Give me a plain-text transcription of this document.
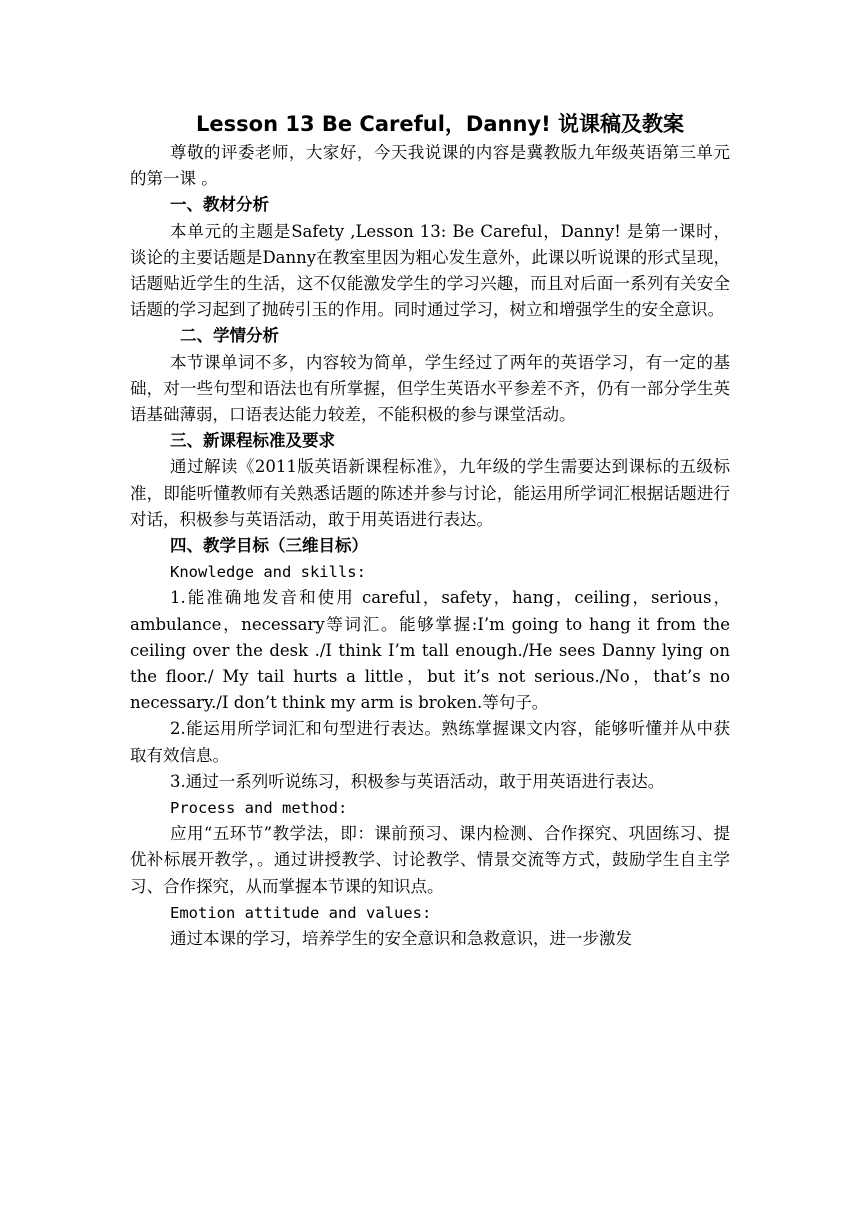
Lesson 13 Be Careful，Danny! 说课稿及教案

尊敬的评委老师，大家好，今天我说课的内容是冀教版九年级英语第三单元的第一课 。

一、教材分析

本单元的主题是Safety ,Lesson 13: Be Careful，Danny! 是第一课时，谈论的主要话题是Danny在教室里因为粗心发生意外，此课以听说课的形式呈现，话题贴近学生的生活，这不仅能激发学生的学习兴趣，而且对后面一系列有关安全话题的学习起到了抛砖引玉的作用。同时通过学习，树立和增强学生的安全意识。

二、学情分析

本节课单词不多，内容较为简单，学生经过了两年的英语学习，有一定的基础，对一些句型和语法也有所掌握，但学生英语水平参差不齐，仍有一部分学生英语基础薄弱，口语表达能力较差，不能积极的参与课堂活动。

三、新课程标准及要求

通过解读《2011版英语新课程标准》，九年级的学生需要达到课标的五级标准，即能听懂教师有关熟悉话题的陈述并参与讨论，能运用所学词汇根据话题进行对话，积极参与英语活动，敢于用英语进行表达。

四、教学目标（三维目标）

Knowledge and skills:

1.能准确地发音和使用 careful，safety，hang，ceiling，serious，ambulance，necessary等词汇。能够掌握:I’m going to hang it from the ceiling over the desk ./I think I’m tall enough./He sees Danny lying on the floor./ My tail hurts a little，but it’s not serious./No，that’s no necessary./I don’t think my arm is broken.等句子。

2.能运用所学词汇和句型进行表达。熟练掌握课文内容，能够听懂并从中获取有效信息。

3.通过一系列听说练习，积极参与英语活动，敢于用英语进行表达。

Process and method:

应用“五环节”教学法，即：课前预习、课内检测、合作探究、巩固练习、提优补标展开教学，。通过讲授教学、讨论教学、情景交流等方式，鼓励学生自主学习、合作探究，从而掌握本节课的知识点。

Emotion attitude and values:

通过本课的学习，培养学生的安全意识和急救意识，进一步激发
